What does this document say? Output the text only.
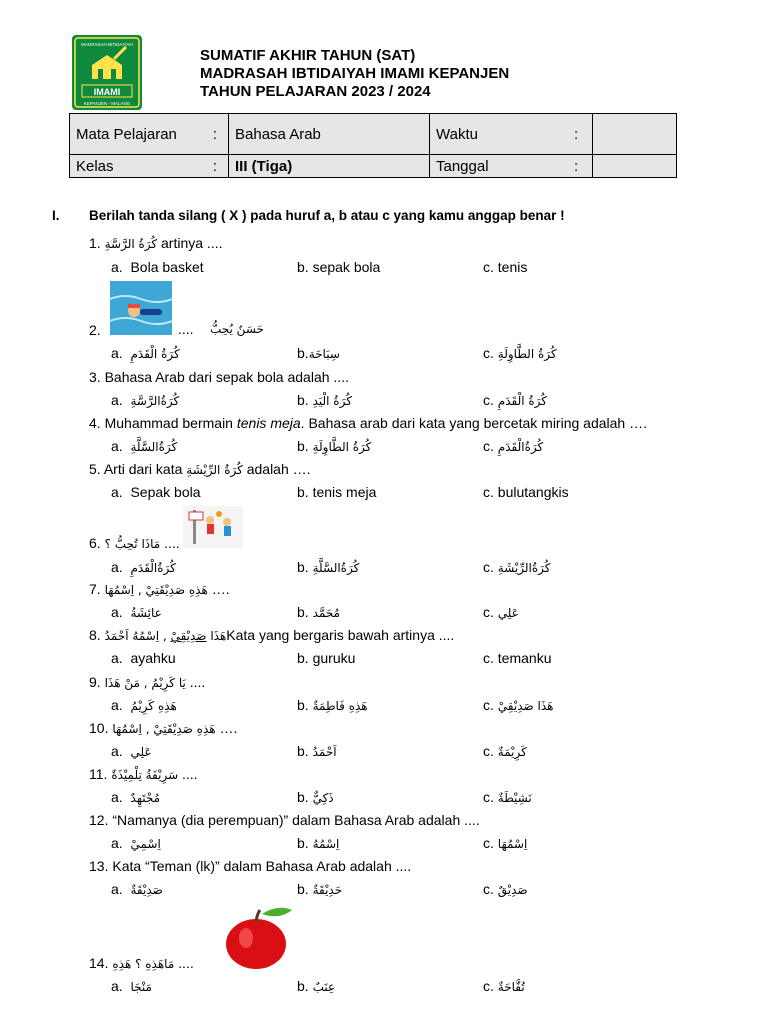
IMAMI
KEPANJEN - MALANG
MADRASAH IBTIDAIYAH
SUMATIF AKHIR TAHUN (SAT)
MADRASAH IBTIDAIYAH IMAMI KEPANJEN
TAHUN PELAJARAN 2023 / 2024
Mata Pelajaran	:	Bahasa Arab	Waktu	:	
Kelas	:	III (Tiga)	Tanggal	:	
I. Berilah tanda silang ( X ) pada huruf a, b atau c yang kamu anggap benar !
1. كُرَةُ الرَّسَّةِ artinya ....
a. Bola basket	b. sepak bola	c. tenis
2.	.... حَسَنٌ يُحِبُّ
a. كُرَةُ الْقَدَمِ	b.سِبَاحَة	c. كُرَةُ الطَّاوِلَةِ
3. Bahasa Arab dari sepak bola adalah ....
a. كُرَةُالرَّسَّةِ	b. كُرَةُ الْيَدِ	c. كُرَةُ الْقَدَمِ
4. Muhammad bermain tenis meja. Bahasa arab dari kata yang bercetak miring adalah ….
a. كُرَةُالسَّلَّةِ	b. كُرَةُ الطَّاوِلَةِ	c. كُرَةُالْقَدَمِ
5. Arti dari kata كُرَةُ الرِّيْشَةِ adalah ….
a. Sepak bola	b. tenis meja	c. bulutangkis
6. مَاذَا تُحِبُّ ؟ ....
a. كُرَةُالْقَدَمِ	b. كُرَةُالسَّلَّةِ	c. كُرَةُالرِّيْشَةِ
7. هَذِهِ صَدِيْقَتِيْ , اِسْمُهَا ….
a. عائِشَةُ	b. مُحَمَّد	c. عَلِي
8.	هَذَا صَدِيْقِيْ , اِسْمُهُ اَحْمَدُ	Kata yang bergaris bawah artinya ....
a. ayahku	b. guruku	c. temanku
9. يَا كَرِيْمُ , مَنْ هَذَا ....
a. هَذِهِ كَرِيْمُ	b. هَذِهِ فَاطِمَةٌ	c. هَذَا صَدِيْقِيْ
10. هَذِهِ صَدِيْقَتِيْ , اِسْمُهَا ….
a. عَلِي	b. اَحْمَدُ	c. كَرِيْمَةٌ
11. سَرِيْفَةُ تِلْمِيْذَةٌ ....
a. مُجْتَهِدٌ	b. ذَكِيٌّ	c. نَشِيْطَةٌ
12. “Namanya (dia perempuan)” dalam Bahasa Arab adalah ....
a. اِسْمِيْ	b. اِسْمُهُ	c. اِسْمُهَا
13. Kata “Teman (lk)” dalam Bahasa Arab adalah ....
a. صَدِيْقَةٌ	b. حَدِيْقَةٌ	c. صَدِيْقٌ
14. مَاهَذِهِ ؟ هَذِهِ ....
a. مَنْجَا	b. عِنَبٌ	c. تُفَّاحَةٌ
